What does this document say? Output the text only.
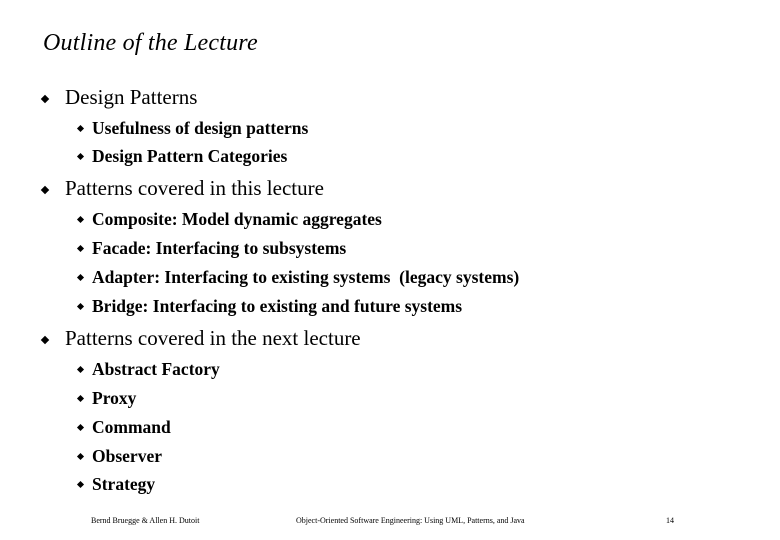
Outline of the Lecture
Design Patterns
Usefulness of design patterns
Design Pattern Categories
Patterns covered in this lecture
Composite: Model dynamic aggregates
Facade: Interfacing to subsystems
Adapter: Interfacing to existing systems  (legacy systems)
Bridge: Interfacing to existing and future systems
Patterns covered in the next lecture
Abstract Factory
Proxy
Command
Observer
Strategy
Bernd Bruegge & Allen H. Dutoit	Object-Oriented Software Engineering: Using UML, Patterns, and Java	14
